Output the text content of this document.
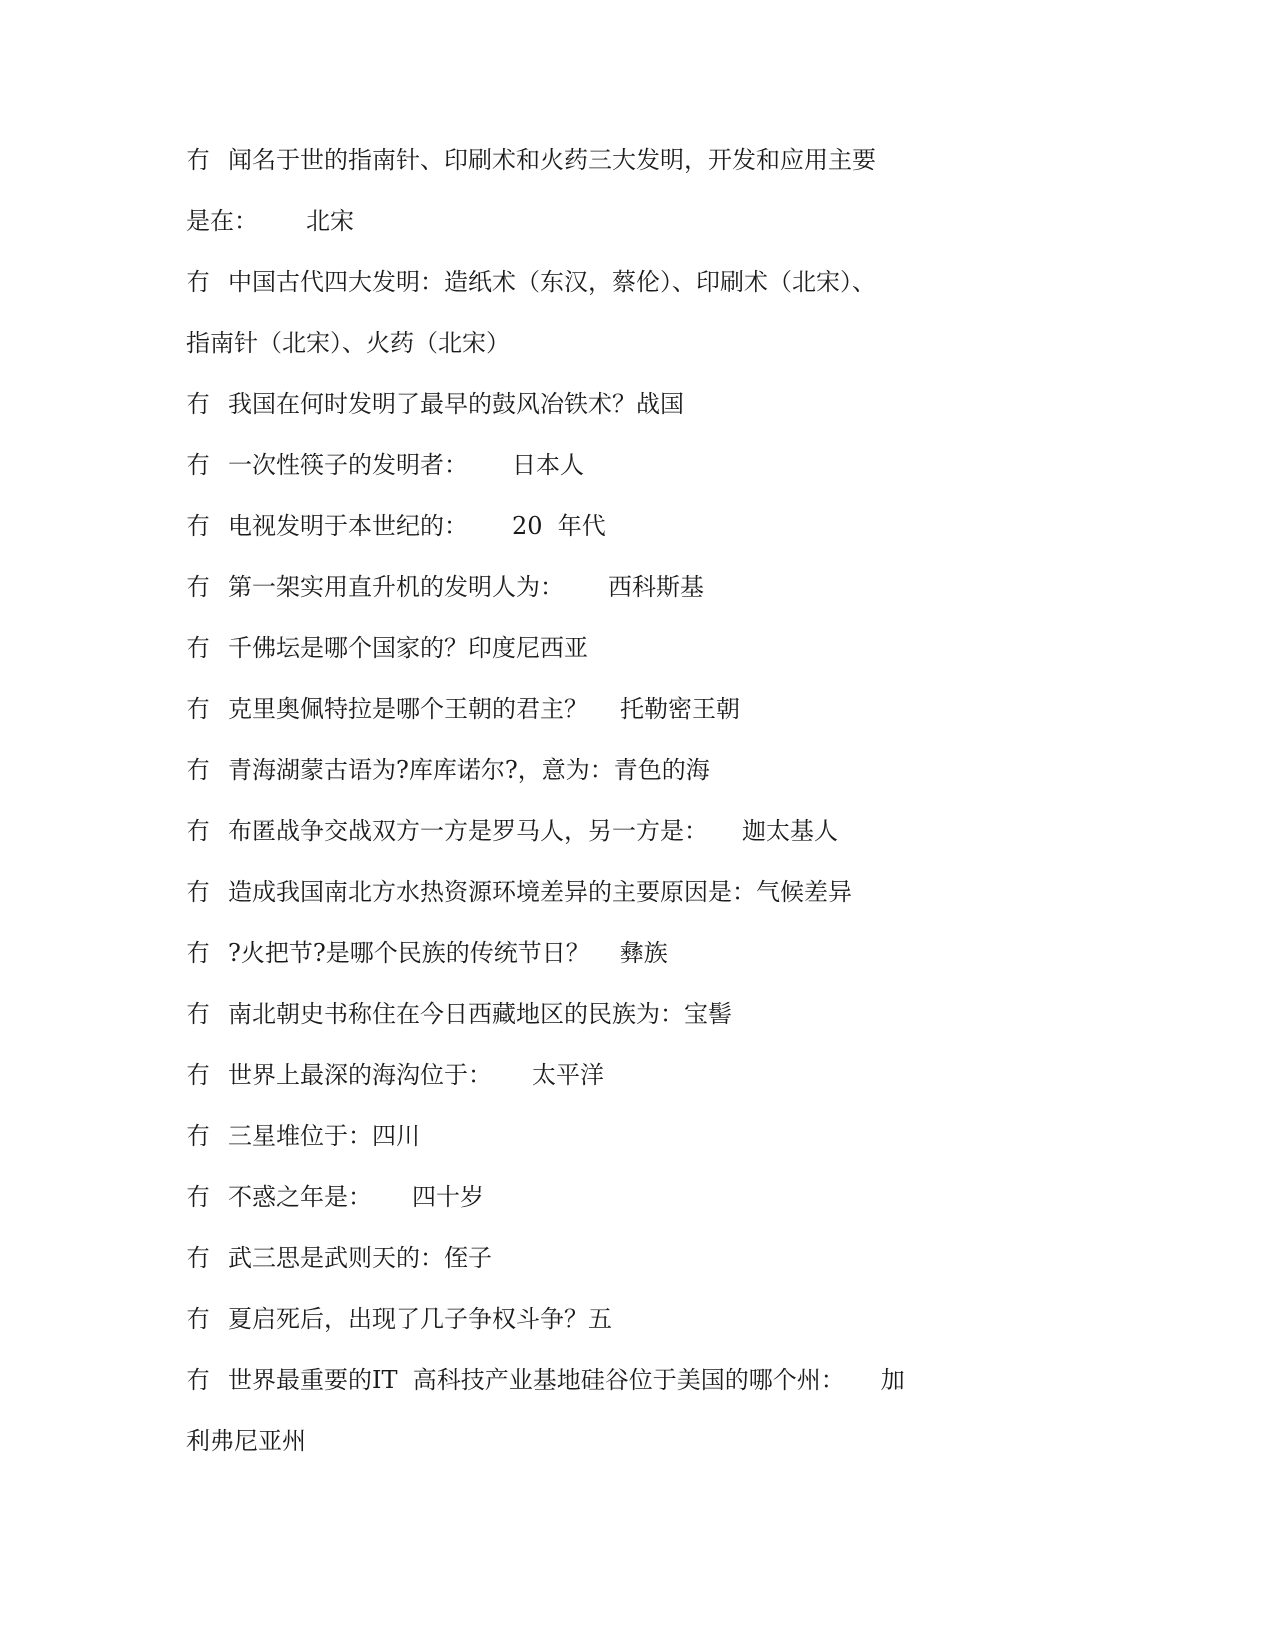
冇 闻名于世的指南针、印刷术和火药三大发明，开发和应用主要
是在： 北宋
冇 中国古代四大发明：造纸术（东汉，蔡伦）、印刷术（北宋）、
指南针（北宋）、火药（北宋）
冇 我国在何时发明了最早的鼓风冶铁术？战国
冇 一次性筷子的发明者： 日本人
冇 电视发明于本世纪的： 20  年代
冇 第一架实用直升机的发明人为： 西科斯基
冇 千佛坛是哪个国家的？印度尼西亚
冇 克里奥佩特拉是哪个王朝的君主？ 托勒密王朝
冇 青海湖蒙古语为?库库诺尔?，意为：青色的海
冇 布匿战争交战双方一方是罗马人，另一方是： 迦太基人
冇 造成我国南北方水热资源环境差异的主要原因是：气候差异
冇 ?火把节?是哪个民族的传统节日？ 彝族
冇 南北朝史书称住在今日西藏地区的民族为：宝髻
冇 世界上最深的海沟位于： 太平洋
冇 三星堆位于：四川
冇 不惑之年是： 四十岁
冇 武三思是武则天的：侄子
冇 夏启死后，出现了几子争权斗争？五
冇 世界最重要的IT  高科技产业基地硅谷位于美国的哪个州： 加
利弗尼亚州
